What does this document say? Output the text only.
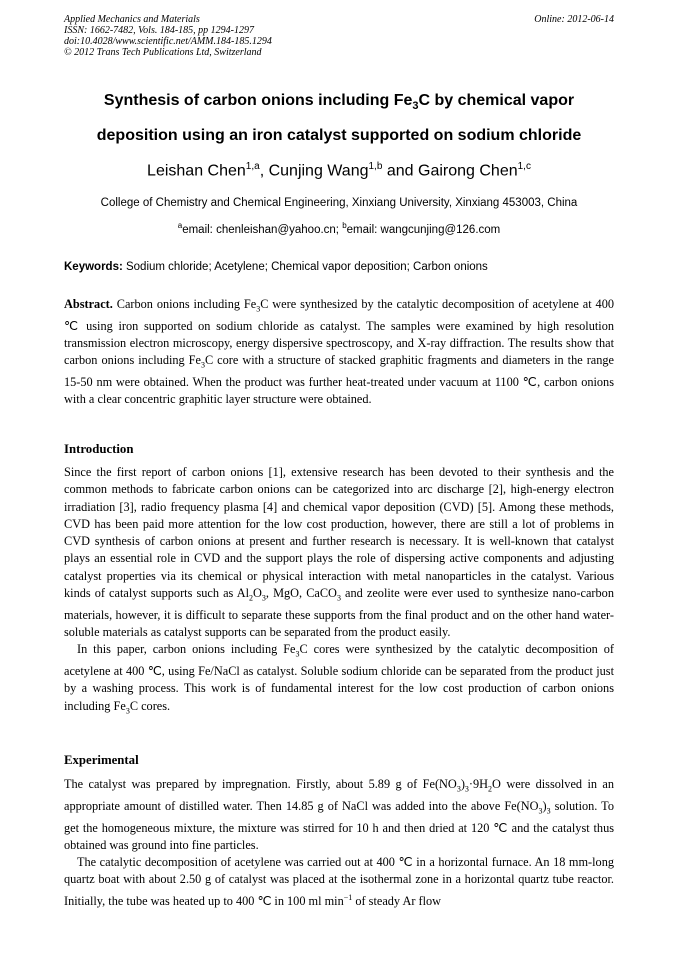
Applied Mechanics and Materials
ISSN: 1662-7482, Vols. 184-185, pp 1294-1297
doi:10.4028/www.scientific.net/AMM.184-185.1294
© 2012 Trans Tech Publications Ltd, Switzerland
Online: 2012-06-14
Synthesis of carbon onions including $Fe_3C$ by chemical vapor
deposition using an iron catalyst supported on sodium chloride
Leishan Chen$^{1,a}$, Cunjing Wang$^{1,b}$ and Gairong Chen$^{1,c}$
College of Chemistry and Chemical Engineering, Xinxiang University, Xinxiang 453003, China
$^a$email: chenleishan@yahoo.cn; $^b$email: wangcunjing@126.com
Keywords: Sodium chloride; Acetylene; Chemical vapor deposition; Carbon onions
Abstract. Carbon onions including $Fe_3C$ were synthesized by the catalytic decomposition of acetylene at 400 ℃ using iron supported on sodium chloride as catalyst. The samples were examined by high resolution transmission electron microscopy, energy dispersive spectroscopy, and X-ray diffraction. The results show that carbon onions including $Fe_3C$ core with a structure of stacked graphitic fragments and diameters in the range 15-50 nm were obtained. When the product was further heat-treated under vacuum at 1100 ℃, carbon onions with a clear concentric graphitic layer structure were obtained.
Introduction

Since the first report of carbon onions [1], extensive research has been devoted to their synthesis and the common methods to fabricate carbon onions can be categorized into arc discharge [2], high-energy electron irradiation [3], radio frequency plasma [4] and chemical vapor deposition (CVD) [5]. Among these methods, CVD has been paid more attention for the low cost production, however, there are still a lot of problems in CVD synthesis of carbon onions at present and further research is necessary. It is well-known that catalyst plays an essential role in CVD and the support plays the role of dispersing active components and adjusting catalyst properties via its chemical or physical interaction with metal nanoparticles in the catalyst. Various kinds of catalyst supports such as $Al_2O_3$, MgO, CaCO$_3$ and zeolite were ever used to synthesize nano-carbon materials, however, it is difficult to separate these supports from the final product and on the other hand water-soluble materials as catalyst supports can be separated from the product easily.

In this paper, carbon onions including $Fe_3C$ cores were synthesized by the catalytic decomposition of acetylene at 400 ℃, using Fe/NaCl as catalyst. Soluble sodium chloride can be separated from the product just by a washing process. This work is of fundamental interest for the low cost production of carbon onions including $Fe_3C$ cores.

Experimental

The catalyst was prepared by impregnation. Firstly, about 5.89 g of $Fe(NO_3)_3\cdot 9H_2O$ were dissolved in an appropriate amount of distilled water. Then 14.85 g of NaCl was added into the above $Fe(NO_3)_3$ solution. To get the homogeneous mixture, the mixture was stirred for 10 h and then dried at 120 ℃ and the catalyst thus obtained was ground into fine particles.

The catalytic decomposition of acetylene was carried out at 400 ℃ in a horizontal furnace. An 18 mm-long quartz boat with about 2.50 g of catalyst was placed at the isothermal zone in a horizontal quartz tube reactor. Initially, the tube was heated up to 400 ℃ in 100 ml $\min^{-1}$ of steady Ar flow
